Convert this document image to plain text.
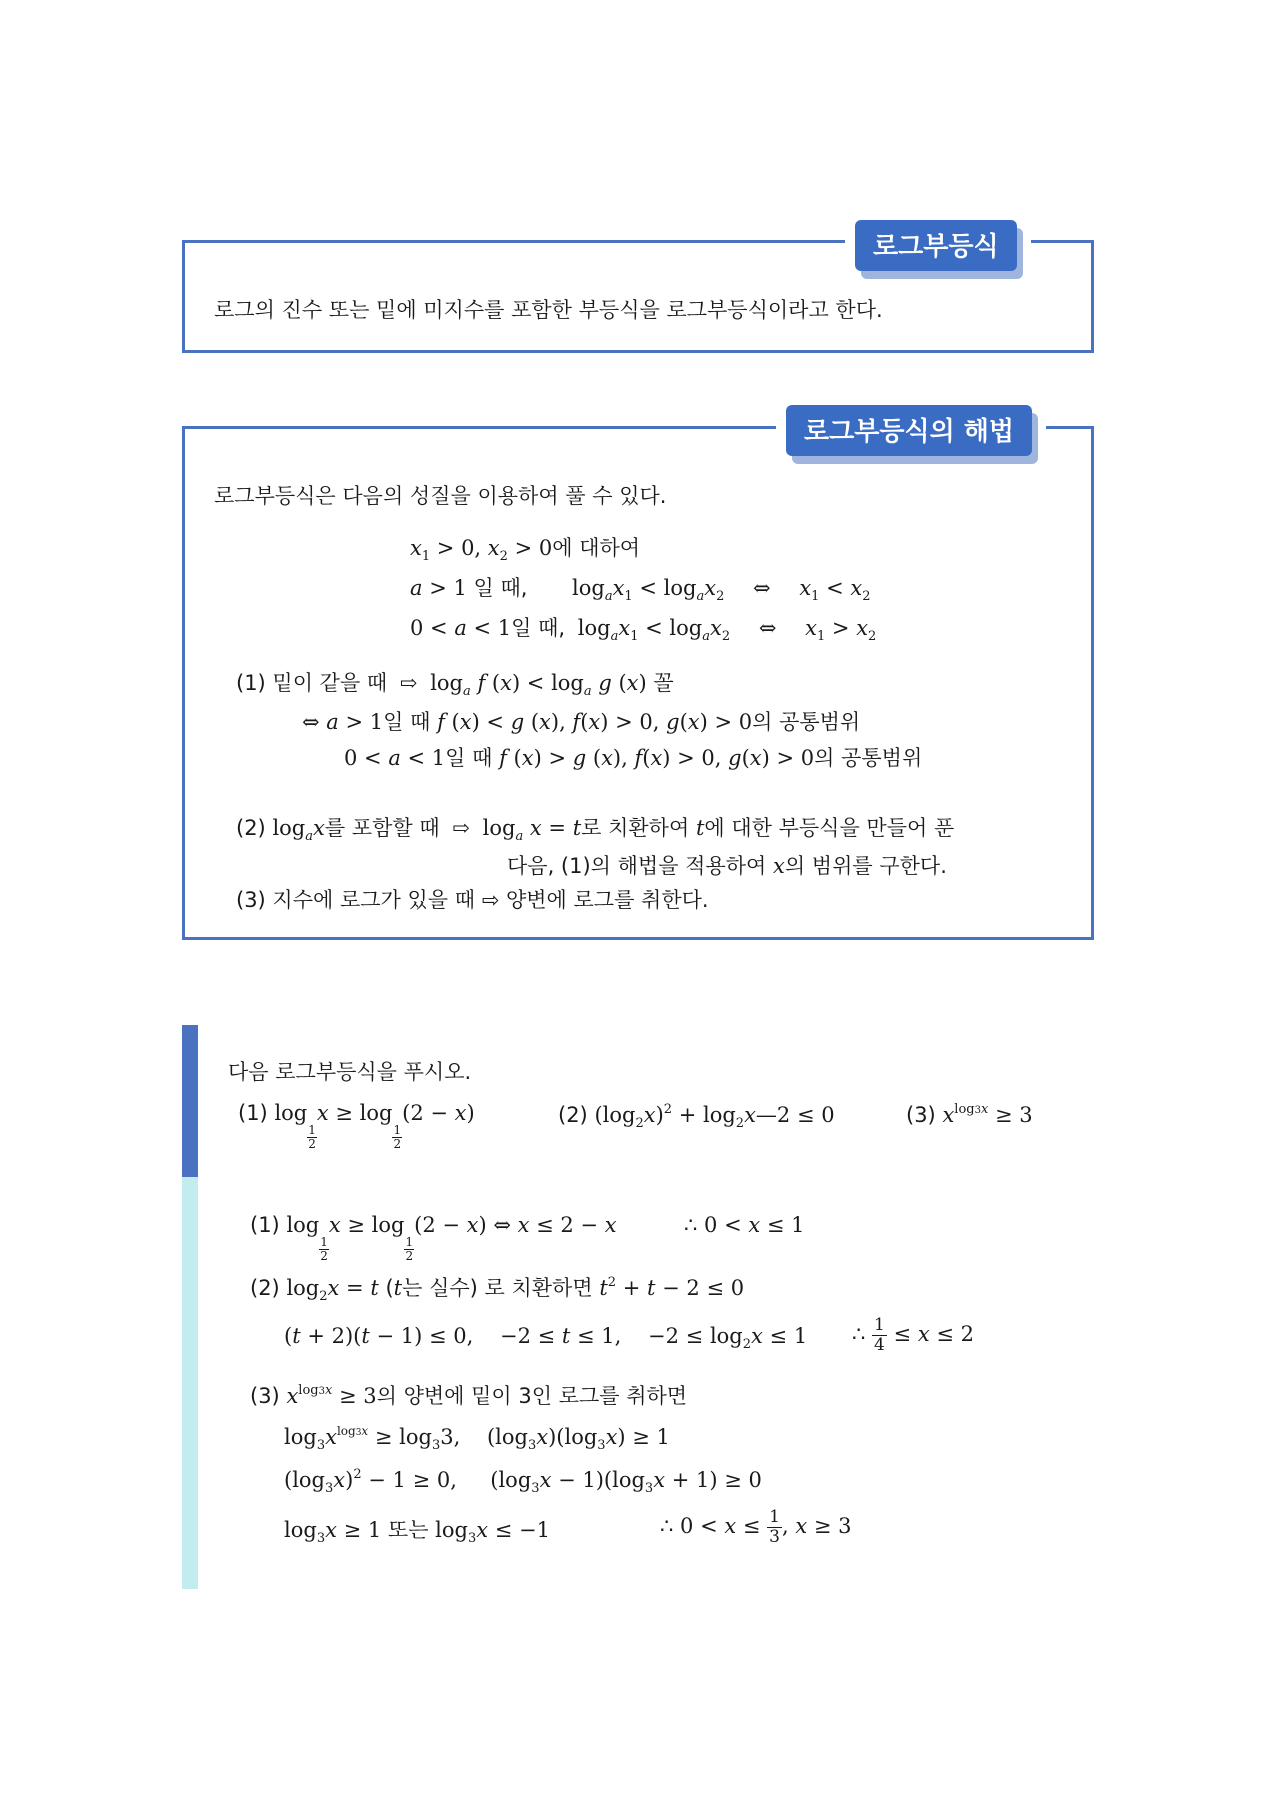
로그부등식
로그의 진수 또는 밑에 미지수를 포함한 부등식을 로그부등식이라고 한다.
로그부등식의 해법
로그부등식은 다음의 성질을 이용하여 풀 수 있다.
$x_1 > 0$, $x_2 > 0$에 대하여
a > 1 일 때, $\log_ax_1 < \log_ax_2$ ⇔ $x_1 < x_2$
0 < a < 1일 때, $\log_ax_1 < \log_ax_2$ ⇔ $x_1 > x_2$
(1) 밑이 같을 때 ⇨ $\log_a f$ $(x) < \log_a g$ (x) 꼴
⇔ a > 1일 때 f (x) < g (x), f(x) > 0, g(x) > 0의 공통범위
0 < a < 1일 때 f (x) > g (x), f(x) > 0, g(x) > 0의 공통범위
(2) $\log_ax$를 포함할 때 ⇨ $\log_a x = t$로 치환하여 t에 대한 부등식을 만들어 푼
다음, (1)의 해법을 적용하여 x의 범위를 구한다.
(3) 지수에 로그가 있을 때 ⇨ 양변에 로그를 취한다.
다음 로그부등식을 푸시오.
(1) log
$\frac{1}{2}$
x ≥ log
$\frac{1}{2}$
(2 − x)	(2) $(\log_2x)^2$ + $\log_2x—2 \le 0$	(3) $x^{log3x} \ge 3$
(1) log
$\frac{1}{2}$
x ≥ log
$\frac{1}{2}$
(2 − x) ⇔ x ≤ 2 − x	∴ 0 < x ≤ 1
(2) $\log_2x = t$ (t는 실수) 로 치환하면 $t^2 + t - 2 \le 0$
(t + 2)(t − 1) ≤ 0,    −2 ≤ t ≤ 1,    $-2 \le \log_2x \le 1$ ∴ $\frac{1}{4} \le x \le 2$
(3) $x^{log3x} \ge 3$의 양변에 밑이 3인 로그를 취하면
$\log_3x^{log3x} \ge \log_33$,    $(\log_3x)(\log_3x) \ge 1$
$(\log_3x)^2 - 1 \ge 0$,     $(\log_3x - 1)(\log_3x + 1) \ge 0$
$\log_3x \ge 1$ 또는 $\log_3x \le -1$	∴ $0 < x \le \frac{1}{3}$ , x ≥ 3
